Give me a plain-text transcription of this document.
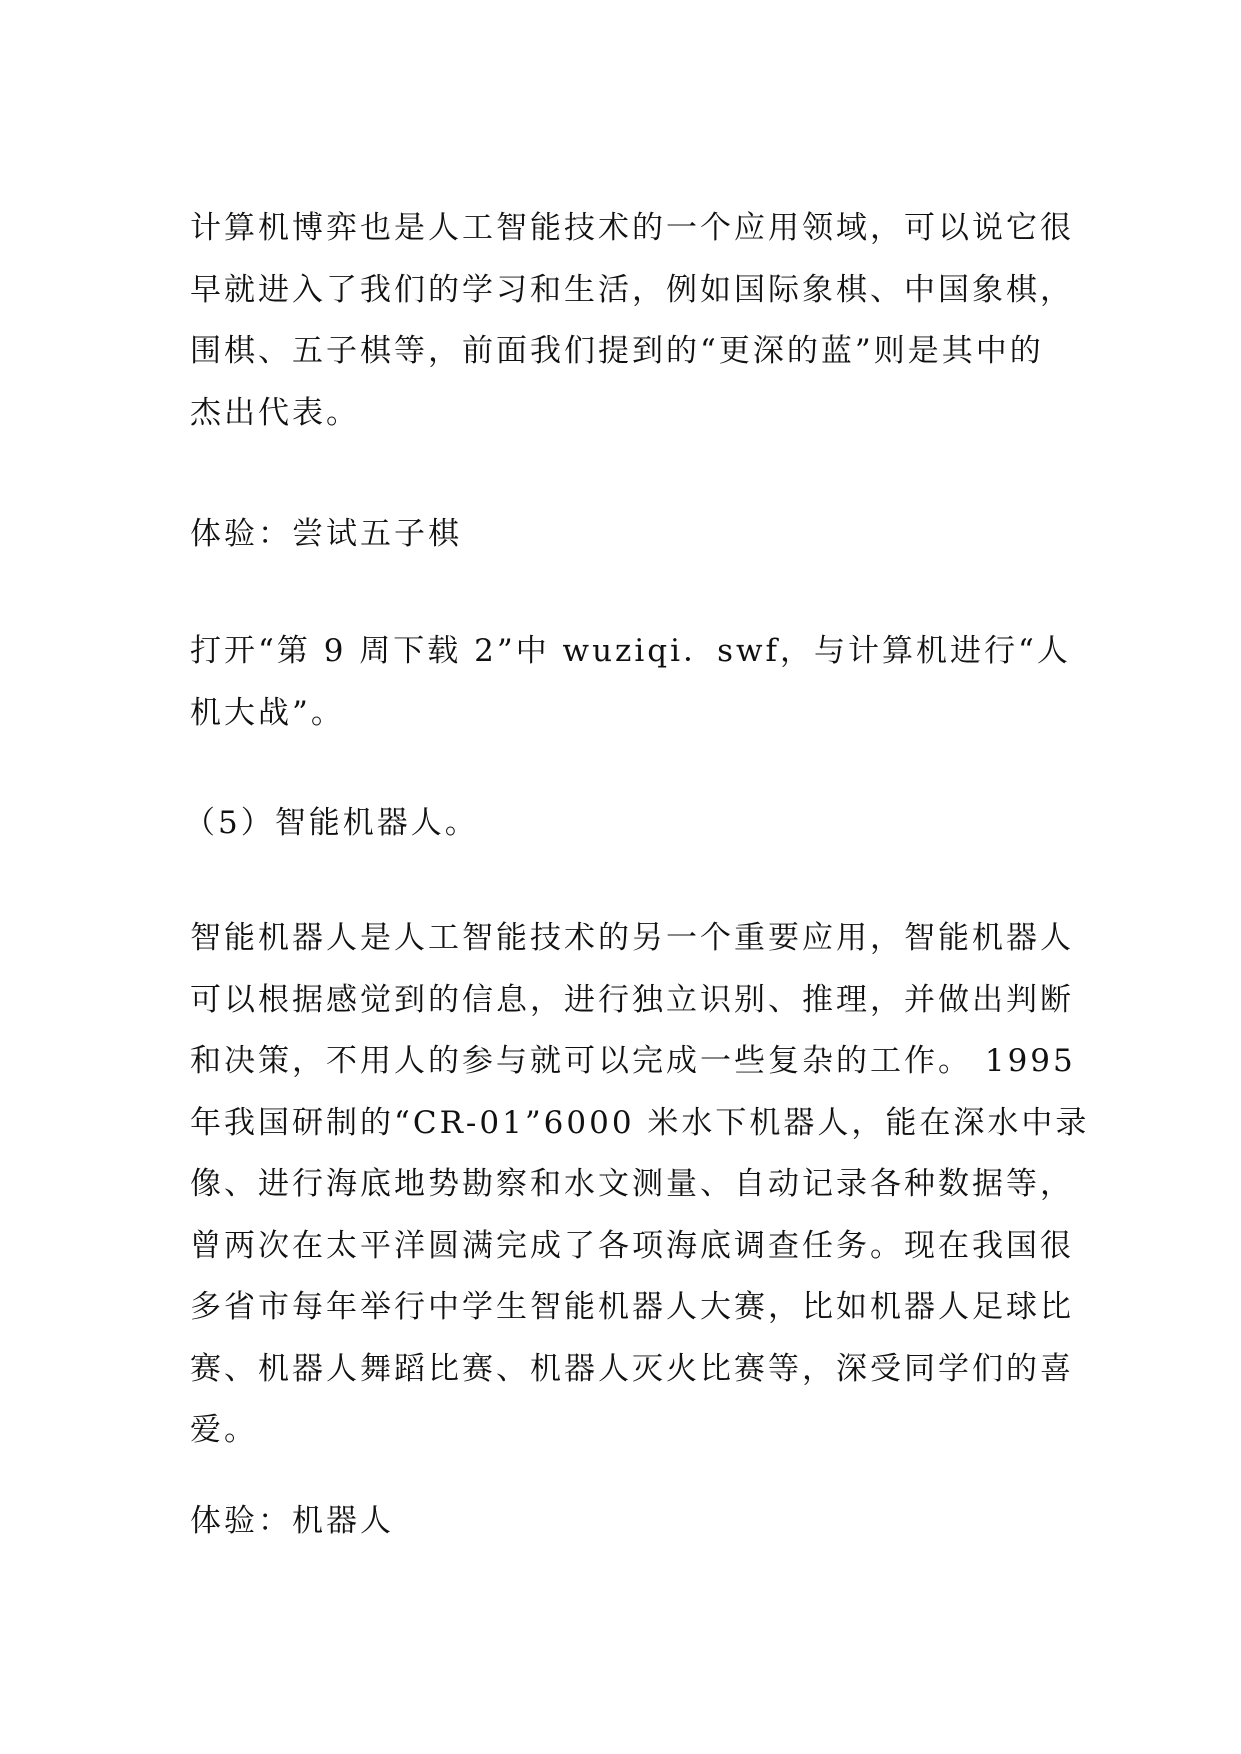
计算机博弈也是人工智能技术的一个应用领域，可以说它很
早就进入了我们的学习和生活，例如国际象棋、中国象棋，
围棋、五子棋等，前面我们提到的“更深的蓝”则是其中的
杰出代表。
体验：尝试五子棋
打开“第 9 周下载 2”中 wuziqi．swf，与计算机进行“人
机大战”。
（5）智能机器人。
智能机器人是人工智能技术的另一个重要应用，智能机器人
可以根据感觉到的信息，进行独立识别、推理，并做出判断
和决策，不用人的参与就可以完成一些复杂的工作。 1995
年我国研制的“CR-01”6000 米水下机器人，能在深水中录
像、进行海底地势勘察和水文测量、自动记录各种数据等，
曾两次在太平洋圆满完成了各项海底调查任务。现在我国很
多省市每年举行中学生智能机器人大赛，比如机器人足球比
赛、机器人舞蹈比赛、机器人灭火比赛等，深受同学们的喜
爱。
体验：机器人
